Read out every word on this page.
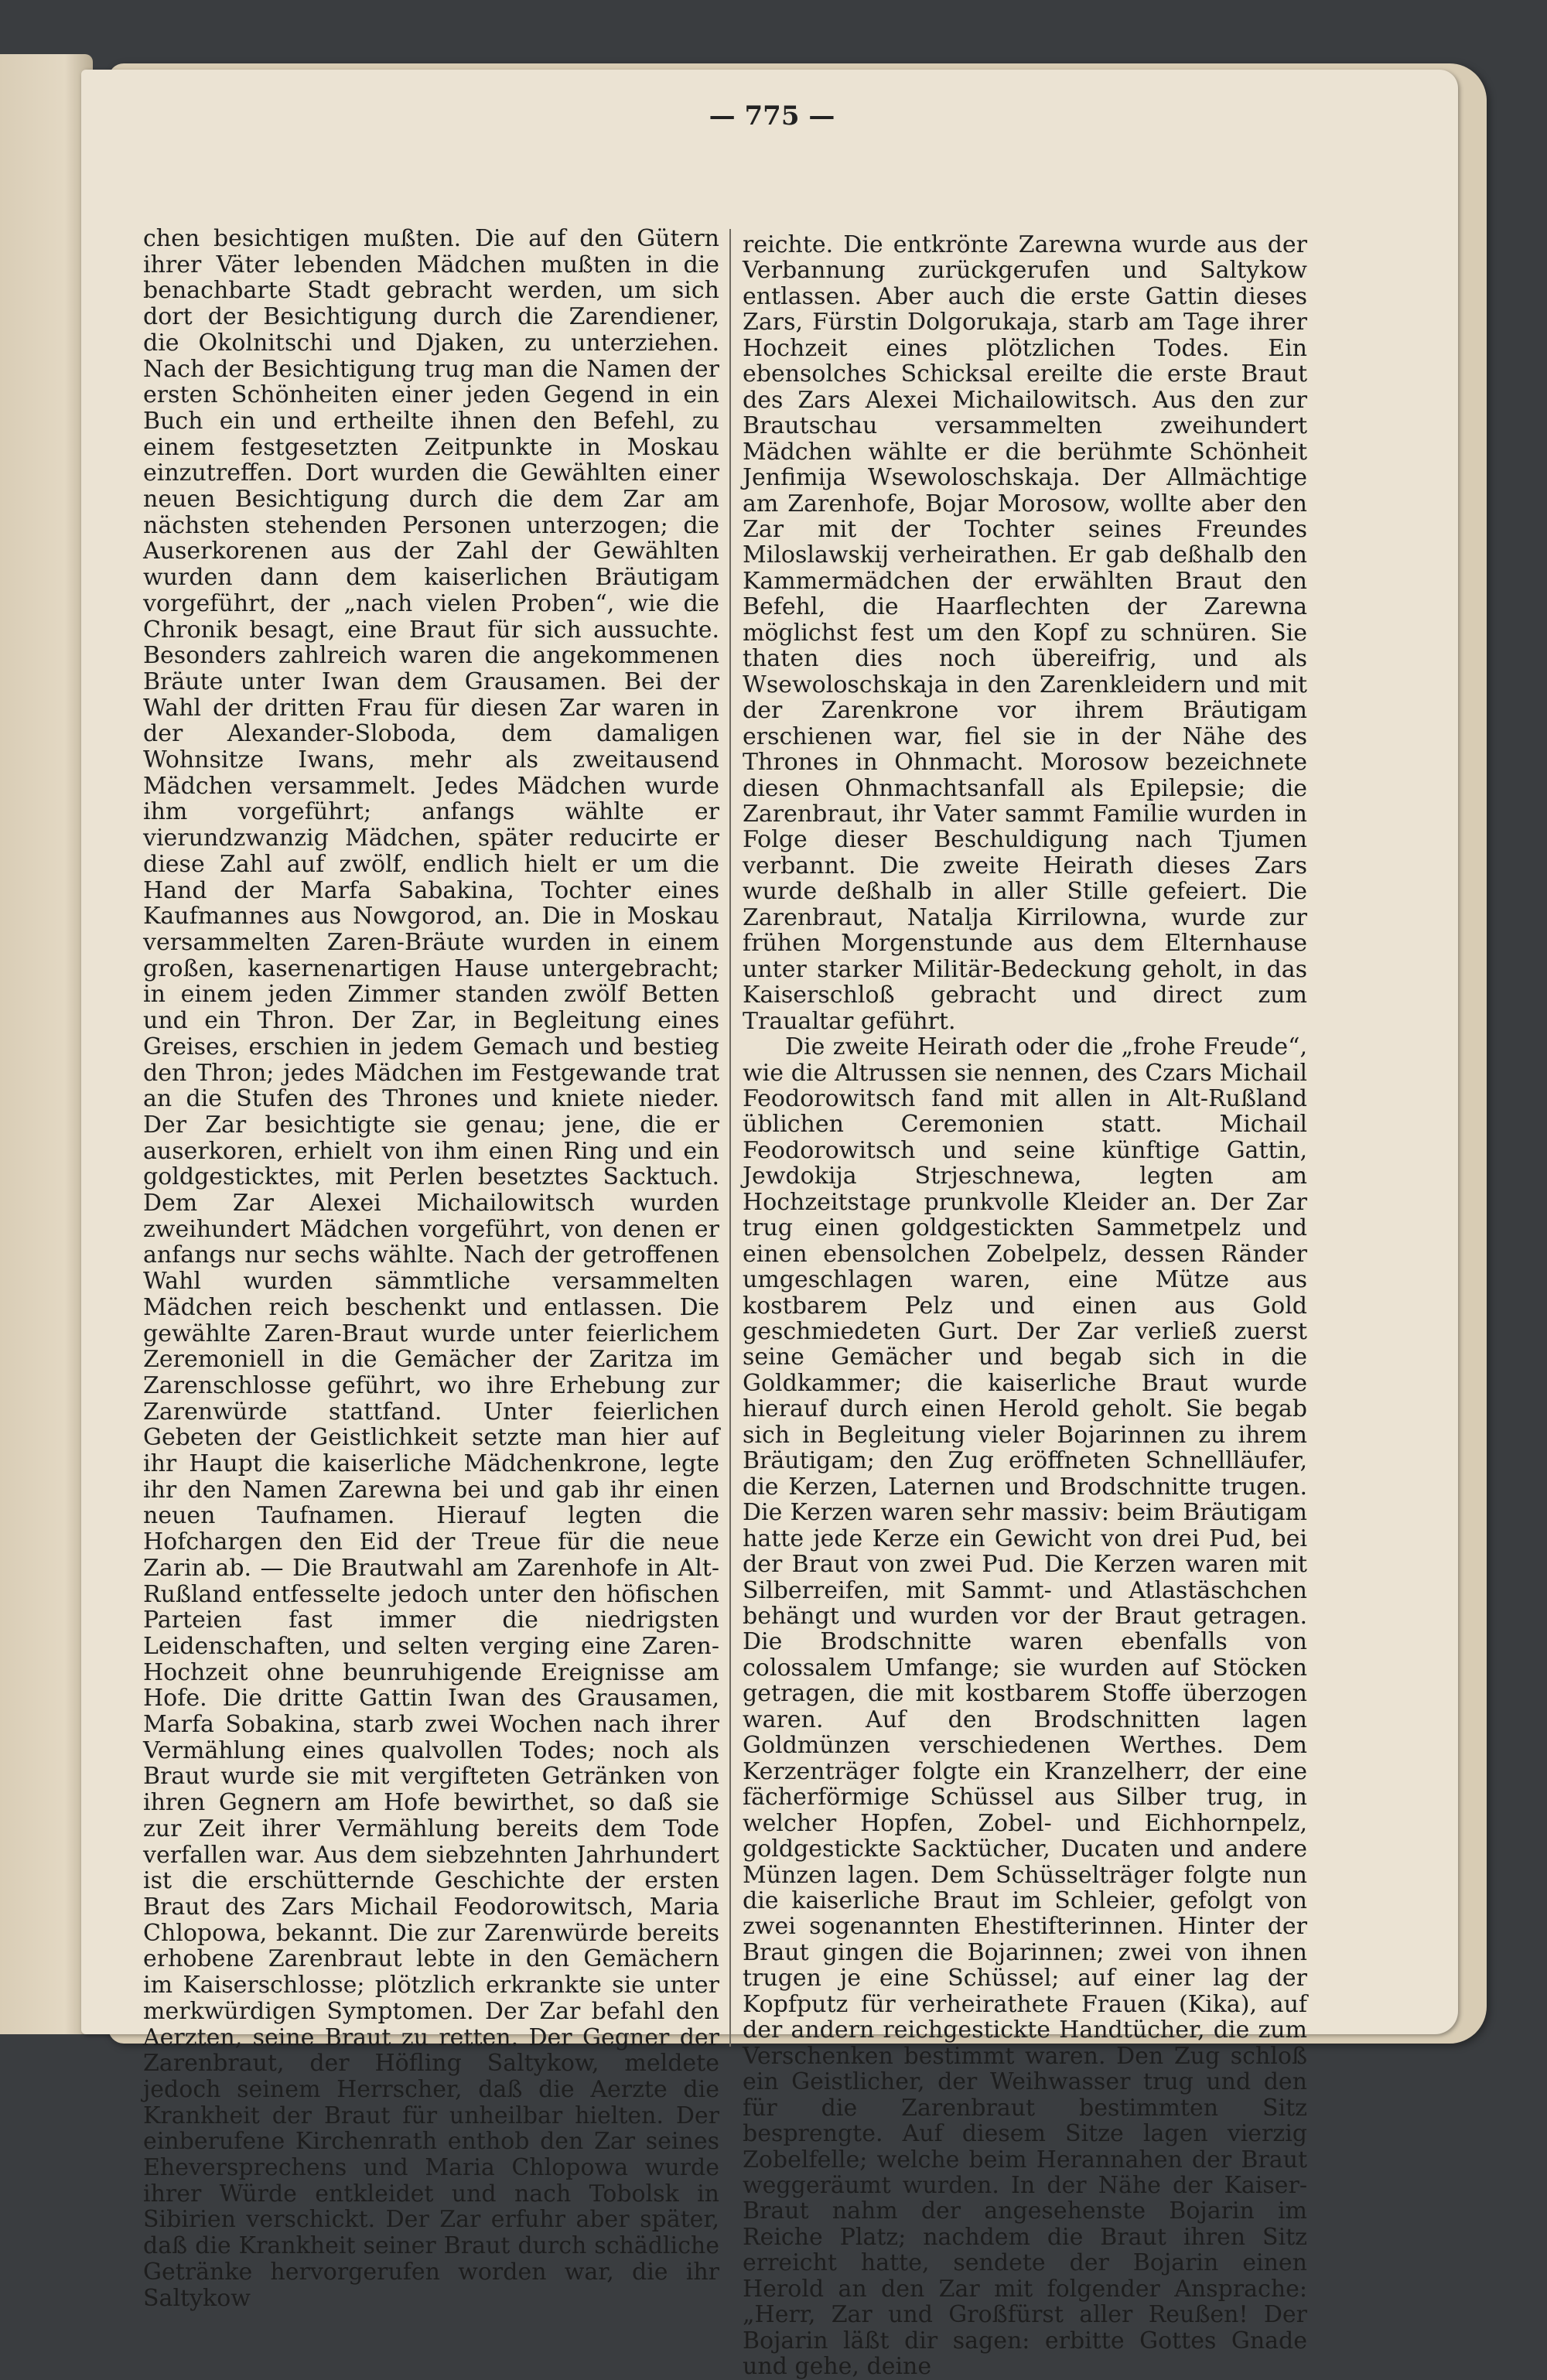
— 775 —

chen besichtigen mußten. Die auf den Gütern ihrer Väter lebenden Mädchen mußten in die benachbarte Stadt gebracht werden, um sich dort der Besichtigung durch die Zarendiener, die Okolnitschi und Djaken, zu unterziehen. Nach der Besichtigung trug man die Namen der ersten Schönheiten einer jeden Gegend in ein Buch ein und ertheilte ihnen den Befehl, zu einem festgesetzten Zeitpunkte in Moskau einzutreffen. Dort wurden die Gewählten einer neuen Besichtigung durch die dem Zar am nächsten stehenden Personen unterzogen; die Auserkorenen aus der Zahl der Gewählten wurden dann dem kaiserlichen Bräutigam vorgeführt, der „nach vielen Proben“, wie die Chronik besagt, eine Braut für sich aussuchte. Besonders zahlreich waren die angekommenen Bräute unter Iwan dem Grausamen. Bei der Wahl der dritten Frau für diesen Zar waren in der Alexander-Sloboda, dem damaligen Wohnsitze Iwans, mehr als zweitausend Mädchen versammelt. Jedes Mädchen wurde ihm vorgeführt; anfangs wählte er vierundzwanzig Mädchen, später reducirte er diese Zahl auf zwölf, endlich hielt er um die Hand der Marfa Sabakina, Tochter eines Kaufmannes aus Nowgorod, an. Die in Moskau versammelten Zaren-Bräute wurden in einem großen, kasernenartigen Hause untergebracht; in einem jeden Zimmer standen zwölf Betten und ein Thron. Der Zar, in Begleitung eines Greises, erschien in jedem Gemach und bestieg den Thron; jedes Mädchen im Festgewande trat an die Stufen des Thrones und kniete nieder. Der Zar besichtigte sie genau; jene, die er auserkoren, erhielt von ihm einen Ring und ein goldgesticktes, mit Perlen besetztes Sacktuch. Dem Zar Alexei Michailowitsch wurden zweihundert Mädchen vorgeführt, von denen er anfangs nur sechs wählte. Nach der getroffenen Wahl wurden sämmtliche versammelten Mädchen reich beschenkt und entlassen. Die gewählte Zaren-Braut wurde unter feierlichem Zeremoniell in die Gemächer der Zaritza im Zarenschlosse geführt, wo ihre Erhebung zur Zarenwürde stattfand. Unter feierlichen Gebeten der Geistlichkeit setzte man hier auf ihr Haupt die kaiserliche Mädchenkrone, legte ihr den Namen Zarewna bei und gab ihr einen neuen Taufnamen. Hierauf legten die Hofchargen den Eid der Treue für die neue Zarin ab. — Die Brautwahl am Zarenhofe in Alt-Rußland entfesselte jedoch unter den höfischen Parteien fast immer die niedrigsten Leidenschaften, und selten verging eine Zaren-Hochzeit ohne beunruhigende Ereignisse am Hofe. Die dritte Gattin Iwan des Grausamen, Marfa Sobakina, starb zwei Wochen nach ihrer Vermählung eines qualvollen Todes; noch als Braut wurde sie mit vergifteten Getränken von ihren Gegnern am Hofe bewirthet, so daß sie zur Zeit ihrer Vermählung bereits dem Tode verfallen war. Aus dem siebzehnten Jahrhundert ist die erschütternde Geschichte der ersten Braut des Zars Michail Feodorowitsch, Maria Chlopowa, bekannt. Die zur Zarenwürde bereits erhobene Zarenbraut lebte in den Gemächern im Kaiserschlosse; plötzlich erkrankte sie unter merkwürdigen Symptomen. Der Zar befahl den Aerzten, seine Braut zu retten. Der Gegner der Zarenbraut, der Höfling Saltykow, meldete jedoch seinem Herrscher, daß die Aerzte die Krankheit der Braut für unheilbar hielten. Der einberufene Kirchenrath enthob den Zar seines Eheversprechens und Maria Chlopowa wurde ihrer Würde entkleidet und nach Tobolsk in Sibirien verschickt. Der Zar erfuhr aber später, daß die Krankheit seiner Braut durch schädliche Getränke hervorgerufen worden war, die ihr Saltykow

reichte. Die entkrönte Zarewna wurde aus der Verbannung zurückgerufen und Saltykow entlassen. Aber auch die erste Gattin dieses Zars, Fürstin Dolgorukaja, starb am Tage ihrer Hochzeit eines plötzlichen Todes. Ein ebensolches Schicksal ereilte die erste Braut des Zars Alexei Michailowitsch. Aus den zur Brautschau versammelten zweihundert Mädchen wählte er die berühmte Schönheit Jenfimija Wsewoloschskaja. Der Allmächtige am Zarenhofe, Bojar Morosow, wollte aber den Zar mit der Tochter seines Freundes Miloslawskij verheirathen. Er gab deßhalb den Kammermädchen der erwählten Braut den Befehl, die Haarflechten der Zarewna möglichst fest um den Kopf zu schnüren. Sie thaten dies noch übereifrig, und als Wsewoloschskaja in den Zarenkleidern und mit der Zarenkrone vor ihrem Bräutigam erschienen war, fiel sie in der Nähe des Thrones in Ohnmacht. Morosow bezeichnete diesen Ohnmachtsanfall als Epilepsie; die Zarenbraut, ihr Vater sammt Familie wurden in Folge dieser Beschuldigung nach Tjumen verbannt. Die zweite Heirath dieses Zars wurde deßhalb in aller Stille gefeiert. Die Zarenbraut, Natalja Kirrilowna, wurde zur frühen Morgenstunde aus dem Elternhause unter starker Militär-Bedeckung geholt, in das Kaiserschloß gebracht und direct zum Traualtar geführt.

Die zweite Heirath oder die „frohe Freude“, wie die Altrussen sie nennen, des Czars Michail Feodorowitsch fand mit allen in Alt-Rußland üblichen Ceremonien statt. Michail Feodorowitsch und seine künftige Gattin, Jewdokija Strjeschnewa, legten am Hochzeitstage prunkvolle Kleider an. Der Zar trug einen goldgestickten Sammetpelz und einen ebensolchen Zobelpelz, dessen Ränder umgeschlagen waren, eine Mütze aus kostbarem Pelz und einen aus Gold geschmiedeten Gurt. Der Zar verließ zuerst seine Gemächer und begab sich in die Goldkammer; die kaiserliche Braut wurde hierauf durch einen Herold geholt. Sie begab sich in Begleitung vieler Bojarinnen zu ihrem Bräutigam; den Zug eröffneten Schnellläufer, die Kerzen, Laternen und Brodschnitte trugen. Die Kerzen waren sehr massiv: beim Bräutigam hatte jede Kerze ein Gewicht von drei Pud, bei der Braut von zwei Pud. Die Kerzen waren mit Silberreifen, mit Sammt- und Atlastäschchen behängt und wurden vor der Braut getragen. Die Brodschnitte waren ebenfalls von colossalem Umfange; sie wurden auf Stöcken getragen, die mit kostbarem Stoffe überzogen waren. Auf den Brodschnitten lagen Goldmünzen verschiedenen Werthes. Dem Kerzenträger folgte ein Kranzelherr, der eine fächerförmige Schüssel aus Silber trug, in welcher Hopfen, Zobel- und Eichhornpelz, goldgestickte Sacktücher, Ducaten und andere Münzen lagen. Dem Schüsselträger folgte nun die kaiserliche Braut im Schleier, gefolgt von zwei sogenannten Ehestifterinnen. Hinter der Braut gingen die Bojarinnen; zwei von ihnen trugen je eine Schüssel; auf einer lag der Kopfputz für verheirathete Frauen (Kika), auf der andern reichgestickte Handtücher, die zum Verschenken bestimmt waren. Den Zug schloß ein Geistlicher, der Weihwasser trug und den für die Zarenbraut bestimmten Sitz besprengte. Auf diesem Sitze lagen vierzig Zobelfelle; welche beim Herannahen der Braut weggeräumt wurden. In der Nähe der Kaiser-Braut nahm der angesehenste Bojarin im Reiche Platz; nachdem die Braut ihren Sitz erreicht hatte, sendete der Bojarin einen Herold an den Zar mit folgender Ansprache: „Herr, Zar und Großfürst aller Reußen! Der Bojarin läßt dir sagen: erbitte Gottes Gnade und gehe, deine
